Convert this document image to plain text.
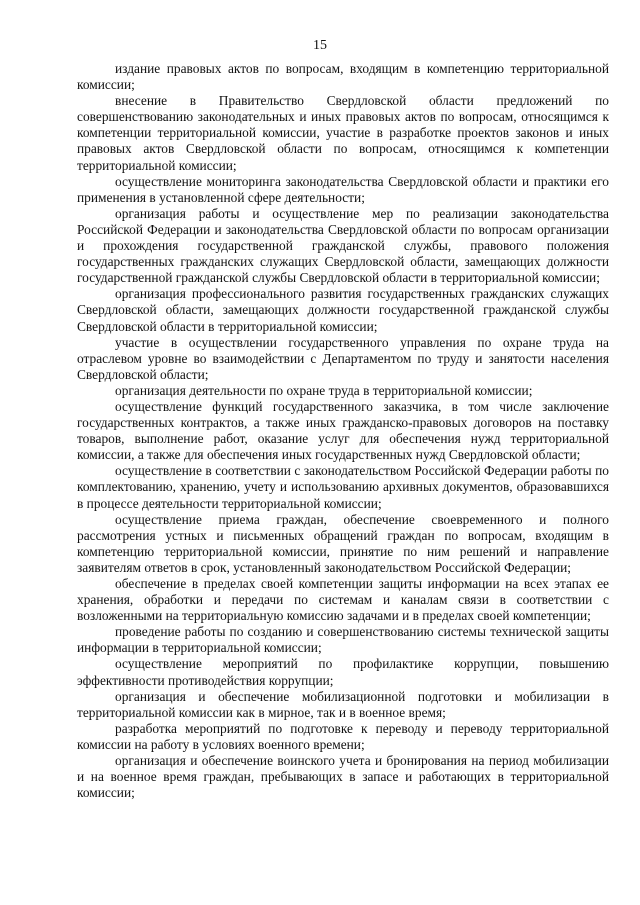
15

издание правовых актов по вопросам, входящим в компетенцию территориальной комиссии;

внесение в Правительство Свердловской области предложений по совершенствованию законодательных и иных правовых актов по вопросам, относящимся к компетенции территориальной комиссии, участие в разработке проектов законов и иных правовых актов Свердловской области по вопросам, относящимся к компетенции территориальной комиссии;

осуществление мониторинга законодательства Свердловской области и практики его применения в установленной сфере деятельности;

организация работы и осуществление мер по реализации законодательства Российской Федерации и законодательства Свердловской области по вопросам организации и прохождения государственной гражданской службы, правового положения государственных гражданских служащих Свердловской области, замещающих должности государственной гражданской службы Свердловской области в территориальной комиссии;

организация профессионального развития государственных гражданских служащих Свердловской области, замещающих должности государственной гражданской службы Свердловской области в территориальной комиссии;

участие в осуществлении государственного управления по охране труда на отраслевом уровне во взаимодействии с Департаментом по труду и занятости населения Свердловской области;

организация деятельности по охране труда в территориальной комиссии;

осуществление функций государственного заказчика, в том числе заключение государственных контрактов, а также иных гражданско-правовых договоров на поставку товаров, выполнение работ, оказание услуг для обеспечения нужд территориальной комиссии, а также для обеспечения иных государственных нужд Свердловской области;

осуществление в соответствии с законодательством Российской Федерации работы по комплектованию, хранению, учету и использованию архивных документов, образовавшихся в процессе деятельности территориальной комиссии;

осуществление приема граждан, обеспечение своевременного и полного рассмотрения устных и письменных обращений граждан по вопросам, входящим в компетенцию территориальной комиссии, принятие по ним решений и направление заявителям ответов в срок, установленный законодательством Российской Федерации;

обеспечение в пределах своей компетенции защиты информации на всех этапах ее хранения, обработки и передачи по системам и каналам связи в соответствии с возложенными на территориальную комиссию задачами и в пределах своей компетенции;

проведение работы по созданию и совершенствованию системы технической защиты информации в территориальной комиссии;

осуществление мероприятий по профилактике коррупции, повышению эффективности противодействия коррупции;

организация и обеспечение мобилизационной подготовки и мобилизации в территориальной комиссии как в мирное, так и в военное время;

разработка мероприятий по подготовке к переводу и переводу территориальной комиссии на работу в условиях военного времени;

организация и обеспечение воинского учета и бронирования на период мобилизации и на военное время граждан, пребывающих в запасе и работающих в территориальной комиссии;
